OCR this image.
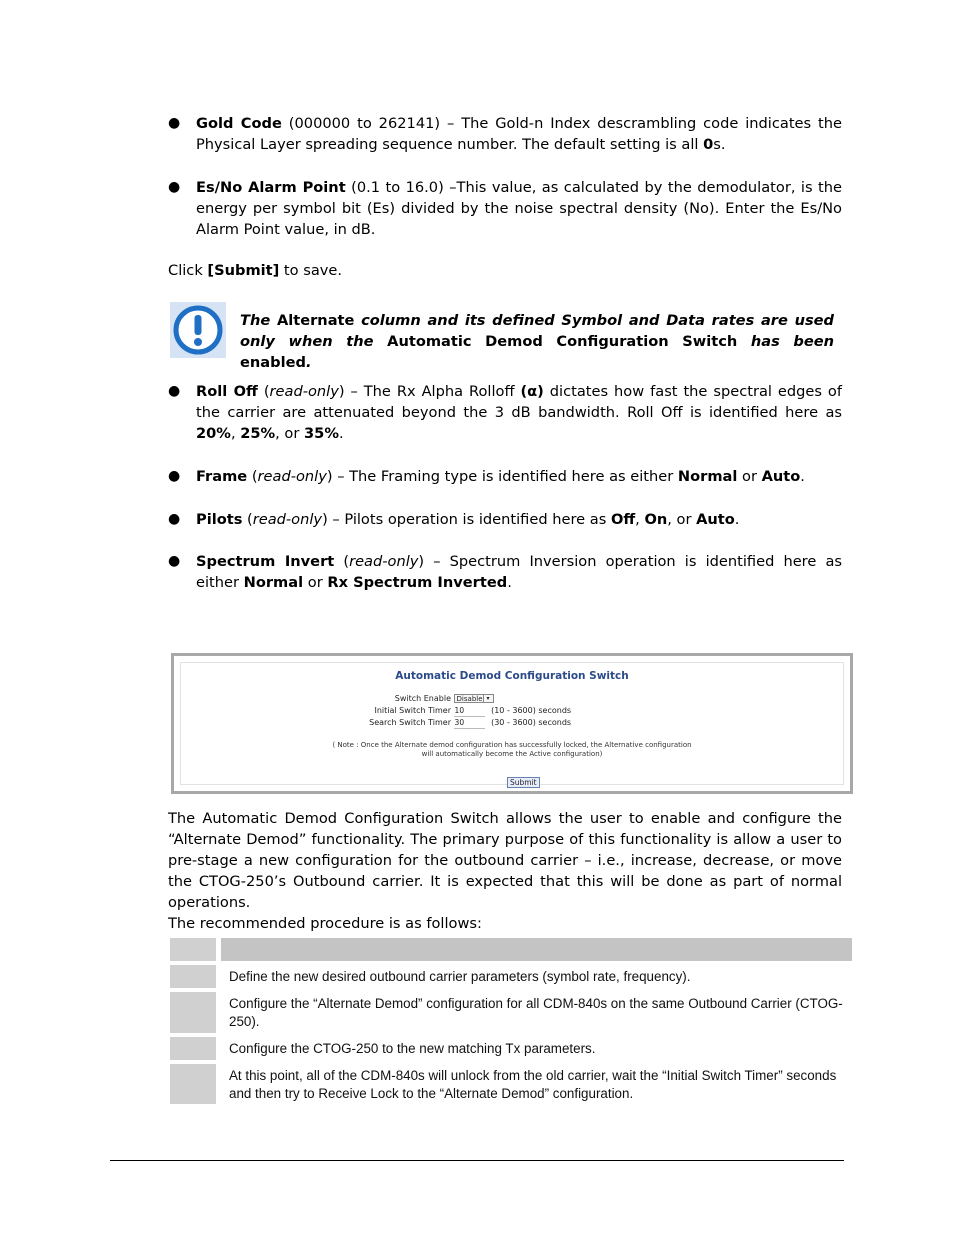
●	Gold Code (000000 to 262141) – The Gold-n Index descrambling code indicates the Physical Layer spreading sequence number. The default setting is all 0s.
●	Es/No Alarm Point (0.1 to 16.0) –This value, as calculated by the demodulator, is the energy per symbol bit (Es) divided by the noise spectral density (No). Enter the Es/No Alarm Point value, in dB.
Click [Submit] to save.
The Alternate column and its defined Symbol and Data rates are used only when the Automatic Demod Configuration Switch has been enabled.
●	Roll Off (read-only) – The Rx Alpha Rolloff (α) dictates how fast the spectral edges of the carrier are attenuated beyond the 3 dB bandwidth. Roll Off is identified here as 20%, 25%, or 35%.
●	Frame (read-only) – The Framing type is identified here as either Normal or Auto.
●	Pilots (read-only) – Pilots operation is identified here as Off, On, or Auto.
●	Spectrum Invert (read-only) – Spectrum Inversion operation is identified here as either Normal or Rx Spectrum Inverted.
Automatic Demod Configuration Switch
Switch Enable Disable ▾
Initial Switch Timer 10	(10 - 3600) seconds
Search Switch Timer 30	(30 - 3600) seconds
( Note : Once the Alternate demod configuration has successfully locked, the Alternative configuration
will automatically become the Active configuration)
Submit
The Automatic Demod Configuration Switch allows the user to enable and configure the “Alternate Demod” functionality. The primary purpose of this functionality is allow a user to pre-stage a new configuration for the outbound carrier – i.e., increase, decrease, or move the CTOG-250’s Outbound carrier. It is expected that this will be done as part of normal operations.
The recommended procedure is as follows:
Define the new desired outbound carrier parameters (symbol rate, frequency).
Configure the “Alternate Demod” configuration for all CDM-840s on the same Outbound Carrier (CTOG-250).
Configure the CTOG-250 to the new matching Tx parameters.
At this point, all of the CDM-840s will unlock from the old carrier, wait the “Initial Switch Timer” seconds and then try to Receive Lock to the “Alternate Demod” configuration.
